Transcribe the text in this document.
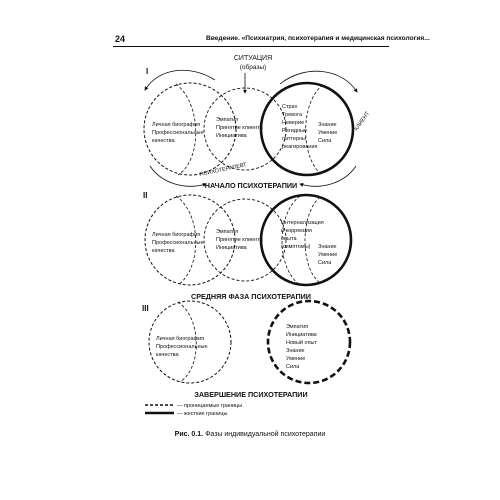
24	Введение. «Психиатрия, психотерапия и медицинская психология...
СИТУАЦИЯ
(образы)
I
Личная биография Профессиональные качества
Эмпатия Принятие клиента Инициатива
Страх Тревога Неверие Ригидные паттерны реагирования
Знание Умение Сила
ПСИХОТЕРАПЕВТ
КЛИЕНТ
НАЧАЛО ПСИХОТЕРАПИИ
II
Личная биография Профессиональные качества
Эмпатия Принятие клиента Инициатива
Интернализация и коррекция опыта (симптомы)	Знание Умение Сила
СРЕДНЯЯ ФАЗА ПСИХОТЕРАПИИ
III
Личная биография Профессиональные качества
Эмпатия Инициатива Новый опыт Знание Умение Сила
ЗАВЕРШЕНИЕ ПСИХОТЕРАПИИ
— проницаемые границы
— жесткие границы
Рис. 0.1. Фазы индивидуальной психотерапии
